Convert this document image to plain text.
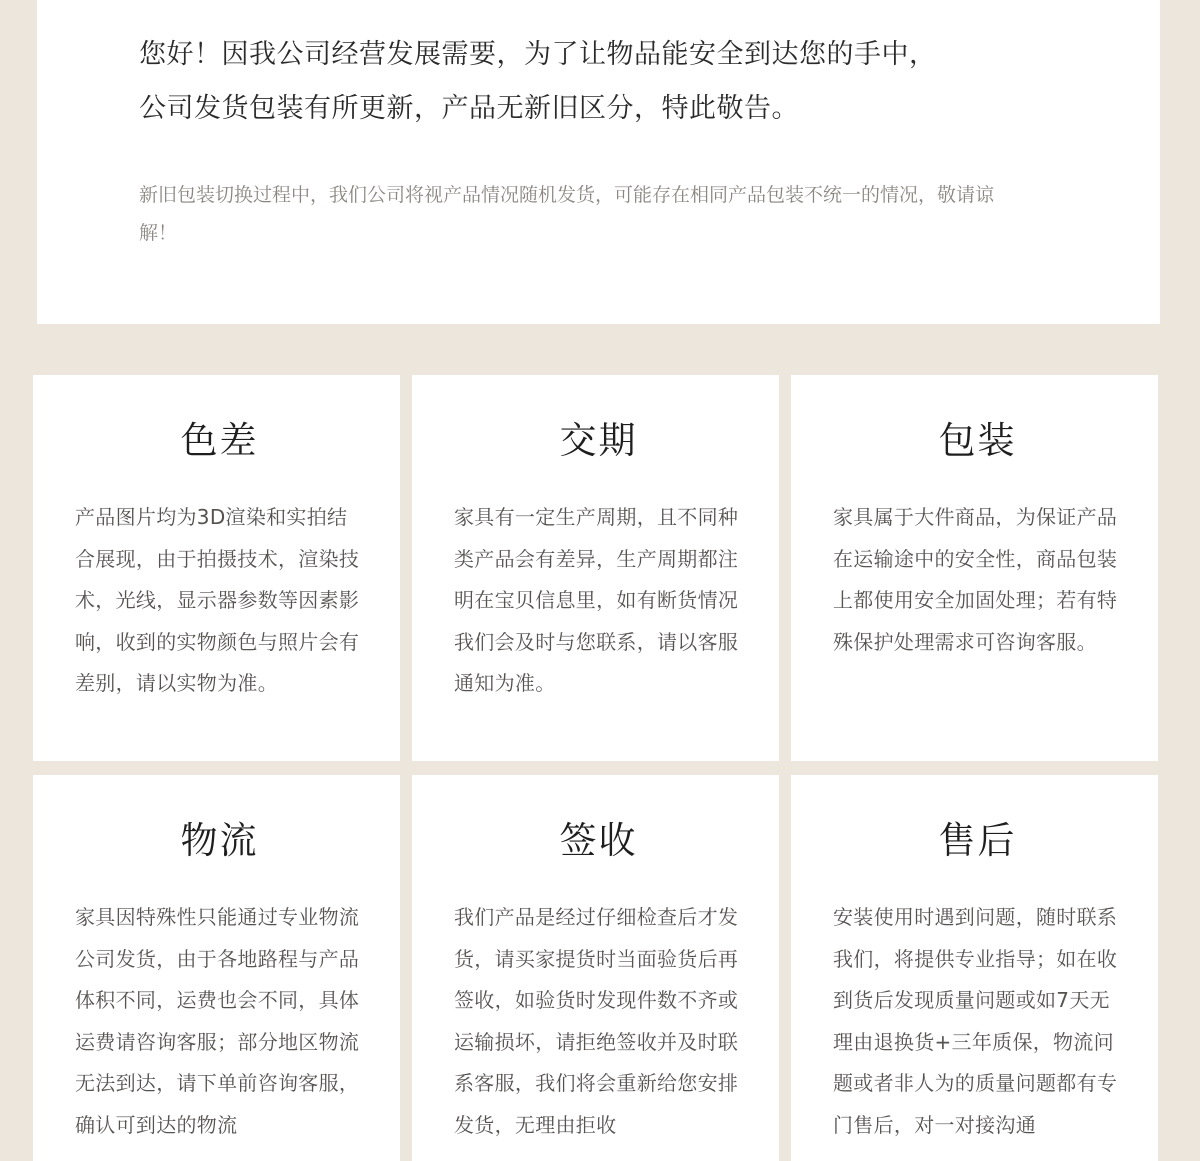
您好！因我公司经营发展需要，为了让物品能安全到达您的手中，
公司发货包装有所更新，产品无新旧区分，特此敬告。
新旧包装切换过程中，我们公司将视产品情况随机发货，可能存在相同产品包装不统一的情况，敬请谅解！
色差
产品图片均为3D渲染和实拍结合展现，由于拍摄技术，渲染技术，光线，显示器参数等因素影响，收到的实物颜色与照片会有差别，请以实物为准。
交期
家具有一定生产周期，且不同种类产品会有差异，生产周期都注明在宝贝信息里，如有断货情况我们会及时与您联系，请以客服通知为准。
包装
家具属于大件商品，为保证产品在运输途中的安全性，商品包装上都使用安全加固处理；若有特殊保护处理需求可咨询客服。
物流
家具因特殊性只能通过专业物流公司发货，由于各地路程与产品体积不同，运费也会不同，具体运费请咨询客服；部分地区物流无法到达，请下单前咨询客服，确认可到达的物流
签收
我们产品是经过仔细检查后才发货，请买家提货时当面验货后再签收，如验货时发现件数不齐或运输损坏，请拒绝签收并及时联系客服，我们将会重新给您安排发货，无理由拒收
售后
安装使用时遇到问题，随时联系我们，将提供专业指导；如在收到货后发现质量问题或如7天无理由退换货+三年质保，物流问题或者非人为的质量问题都有专门售后，对一对接沟通
